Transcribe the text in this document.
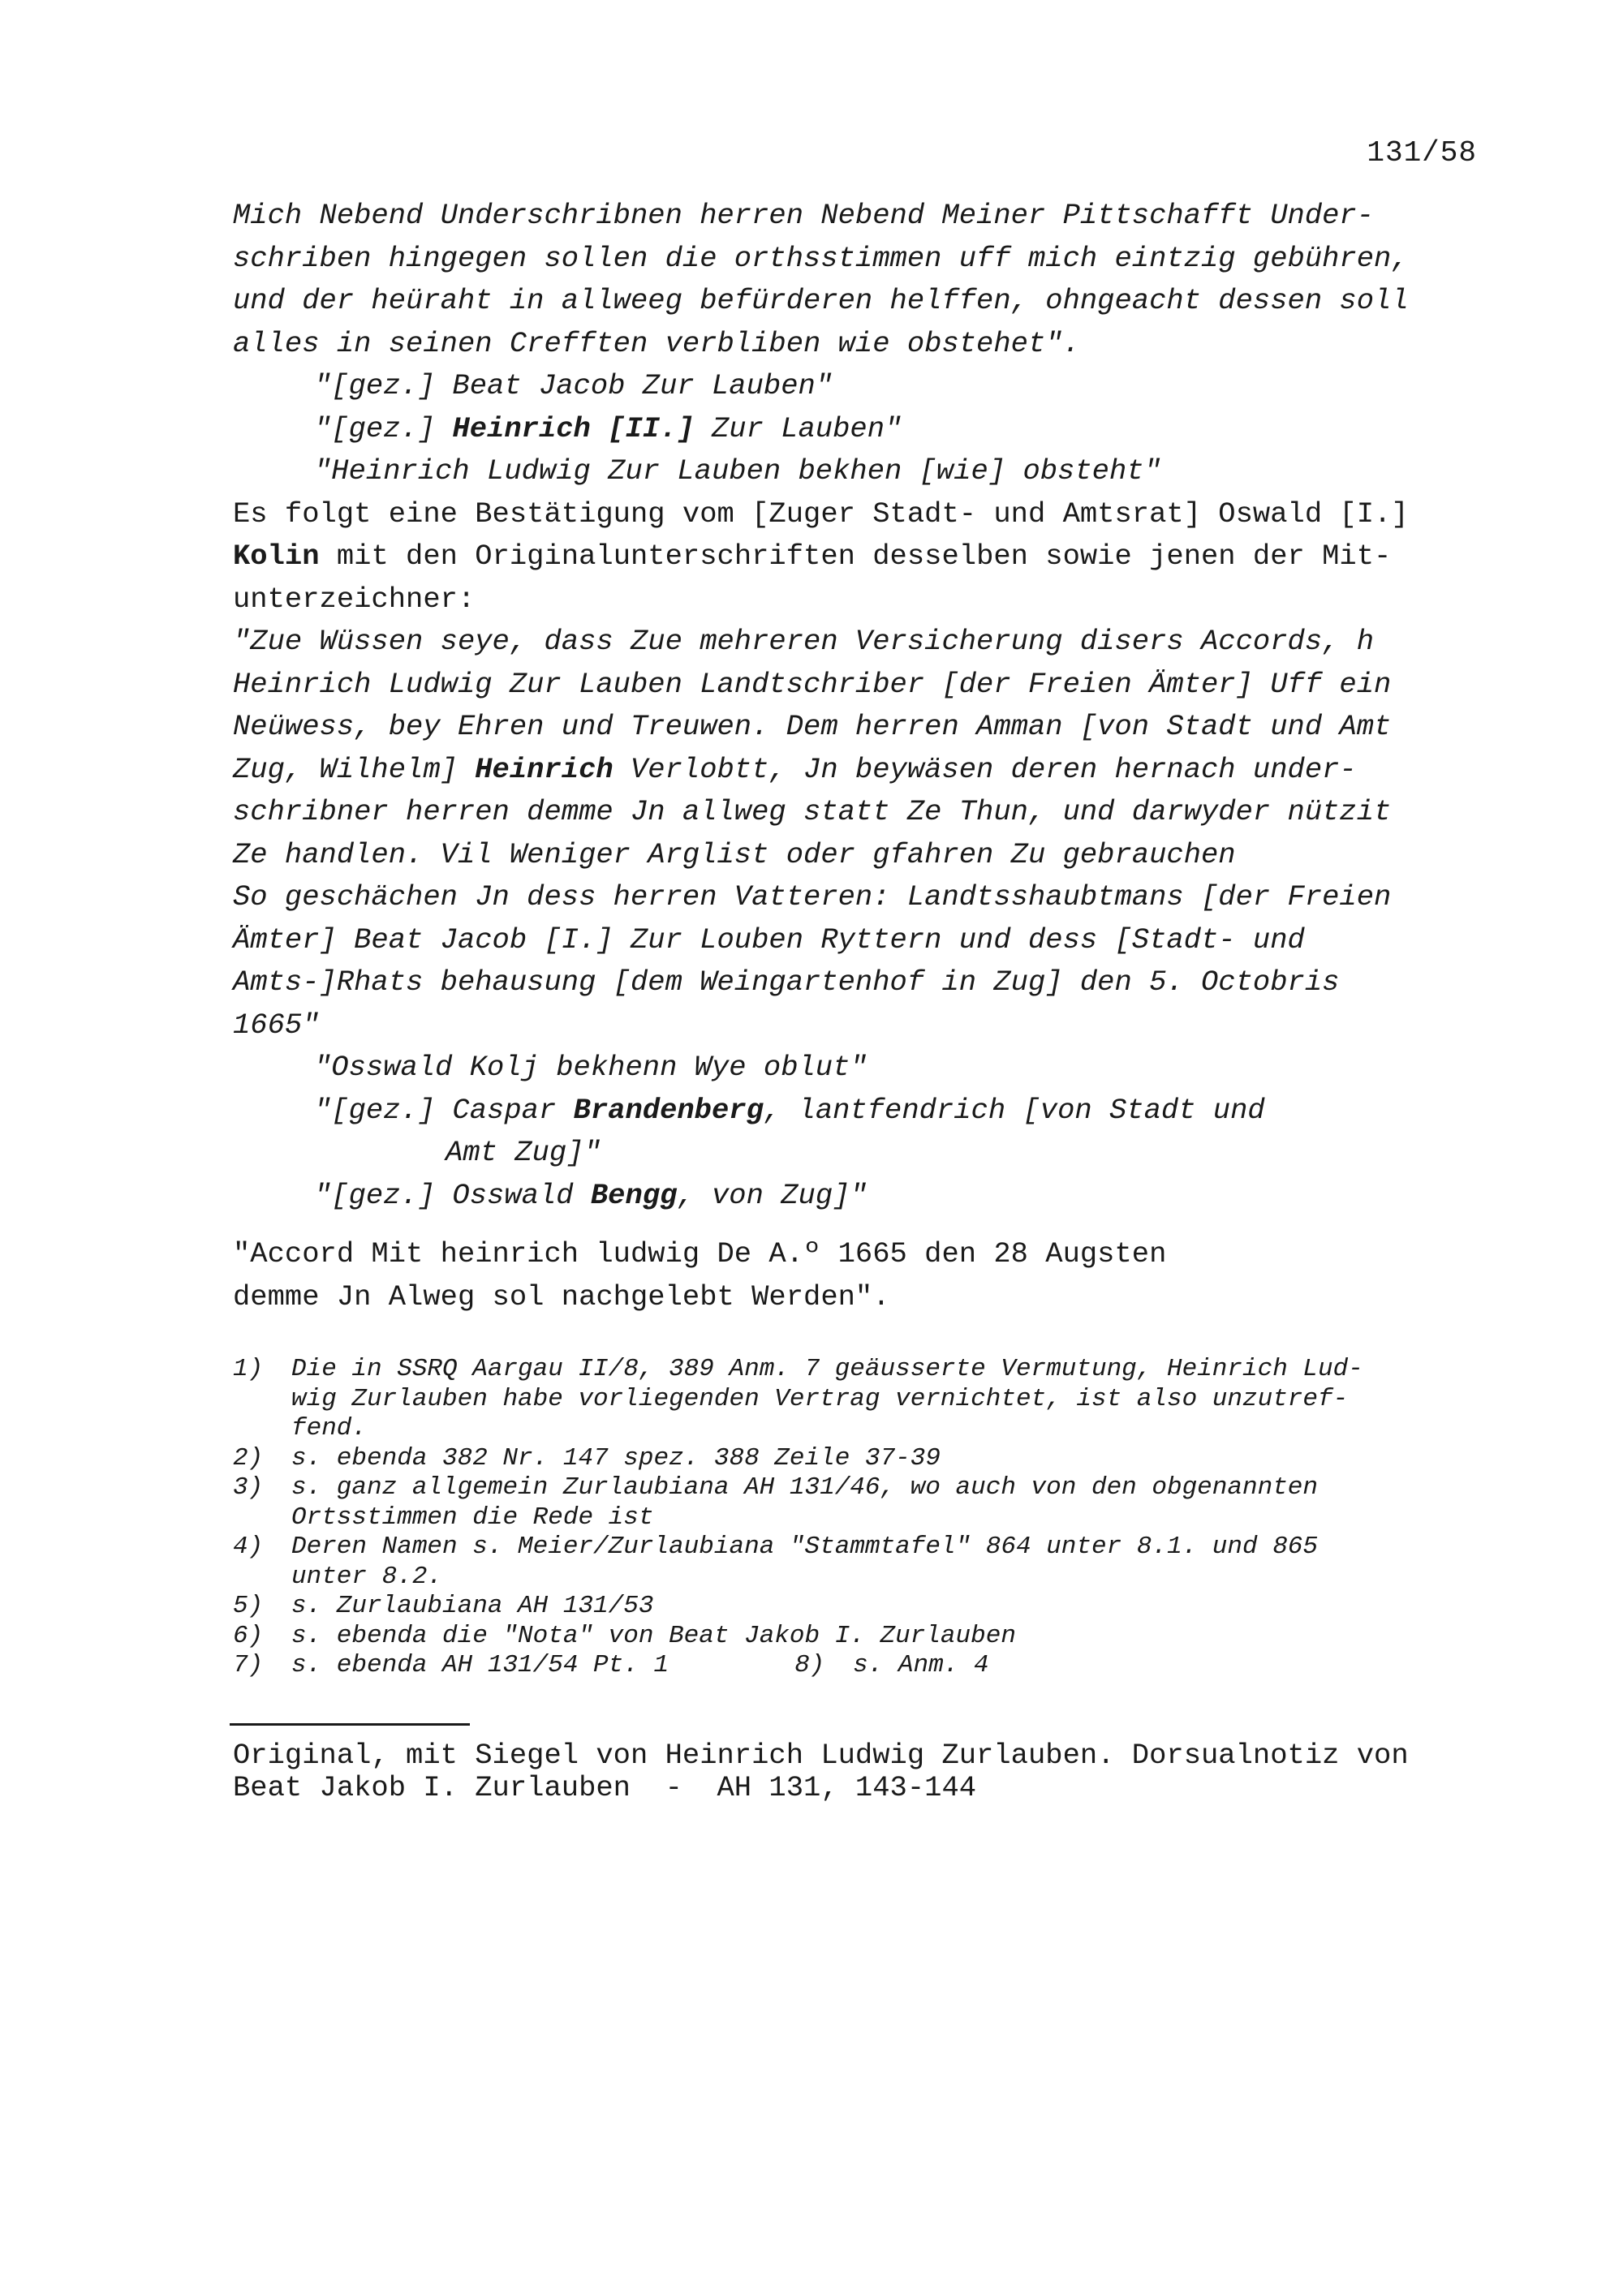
131/58
Mich Nebend Underschribnen herren Nebend Meiner Pittschafft Under-
schriben hingegen sollen die orthsstimmen uff mich eintzig gebühren,
und der heüraht in allweeg befürderen helffen, ohngeacht dessen soll
alles in seinen Crefften verbliben wie obstehet".
"[gez.] Beat Jacob Zur Lauben"
"[gez.] Heinrich [II.] Zur Lauben"
"Heinrich Ludwig Zur Lauben bekhen [wie] obsteht"
Es folgt eine Bestätigung vom [Zuger Stadt- und Amtsrat] Oswald [I.]
Kolin mit den Originalunterschriften desselben sowie jenen der Mit-
unterzeichner:
"Zue Wüssen seye, dass Zue mehreren Versicherung disers Accords, h
Heinrich Ludwig Zur Lauben Landtschriber [der Freien Ämter] Uff ein
Neüwess, bey Ehren und Treuwen. Dem herren Amman [von Stadt und Amt
Zug, Wilhelm] Heinrich Verlobtt, Jn beywäsen deren hernach under-
schribner herren demme Jn allweg statt Ze Thun, und darwyder nützit
Ze handlen. Vil Weniger Arglist oder gfahren Zu gebrauchen
So geschächen Jn dess herren Vatteren: Landtsshaubtmans [der Freien
Ämter] Beat Jacob [I.] Zur Louben Ryttern und dess [Stadt- und
Amts-]Rhats behausung [dem Weingartenhof in Zug] den 5. Octobris
1665"
"Osswald Kolj bekhenn Wye oblut"
"[gez.] Caspar Brandenberg, lantfendrich [von Stadt und
Amt Zug]"
"[gez.] Osswald Bengg, von Zug]"
"Accord Mit heinrich ludwig De A.º 1665 den 28 Augsten
demme Jn Alweg sol nachgelebt Werden".
1)	Die in SSRQ Aargau II/8, 389 Anm. 7 geäusserte Vermutung, Heinrich Lud-
wig Zurlauben habe vorliegenden Vertrag vernichtet, ist also unzutref-
fend.
2)	s. ebenda 382 Nr. 147 spez. 388 Zeile 37-39
3)	s. ganz allgemein Zurlaubiana AH 131/46, wo auch von den obgenannten
Ortsstimmen die Rede ist
4)	Deren Namen s. Meier/Zurlaubiana "Stammtafel" 864 unter 8.1. und 865
unter 8.2.
5)	s. Zurlaubiana AH 131/53
6)	s. ebenda die "Nota" von Beat Jakob I. Zurlauben
7)	s. ebenda AH 131/54 Pt. 1	8)	s. Anm. 4
Original, mit Siegel von Heinrich Ludwig Zurlauben. Dorsualnotiz von
Beat Jakob I. Zurlauben  -  AH 131, 143-144
